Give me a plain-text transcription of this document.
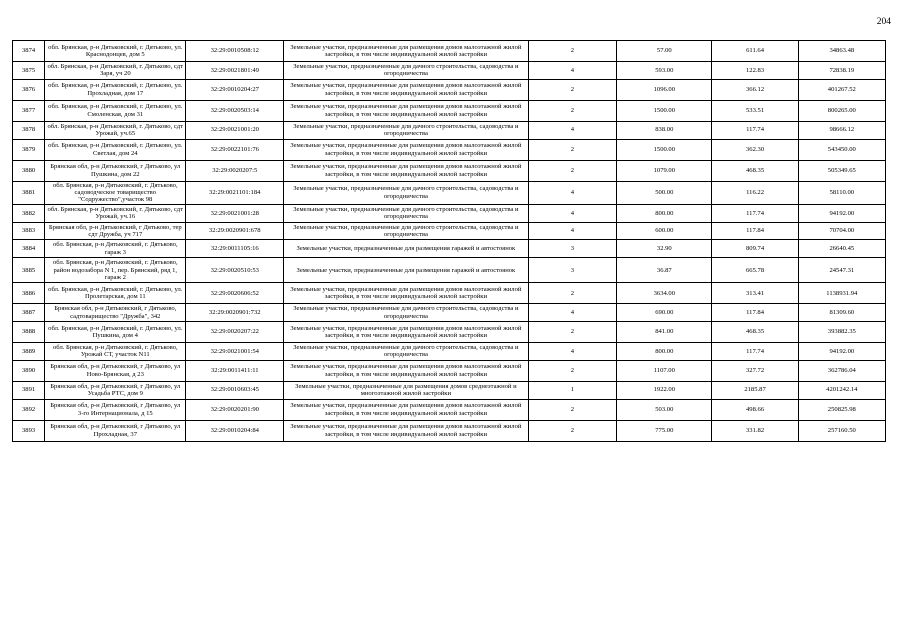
204
3874	обл. Брянская, р-н Дятьковский, г. Дятьково, ул. Краснодонцев, дом 5	32:29:0010508:12	Земельные участки, предназначенные для размещения домов малоэтажной жилой застройки, в том числе индивидуальной жилой застройки	2	57.00	611.64	34863.48
3875	обл. Брянская, р-н Дятьковский, г. Дятьково, сдт Заря, уч 20	32:29:0021801:49	Земельные участки, предназначенные для дачного строительства, садоводства и огородничества	4	593.00	122.83	72838.19
3876	обл. Брянская, р-н Дятьковский, г. Дятьково, ул. Прохладная, дом 17	32:29:0010204:27	Земельные участки, предназначенные для размещения домов малоэтажной жилой застройки, в том числе индивидуальной жилой застройки	2	1096.00	366.12	401267.52
3877	обл. Брянская, р-н Дятьковский, г. Дятьково, ул. Смоленская, дом 31	32:29:0020503:14	Земельные участки, предназначенные для размещения домов малоэтажной жилой застройки, в том числе индивидуальной жилой застройки	2	1500.00	533.51	800265.00
3878	обл. Брянская, р-н Дятьковский, г. Дятьково, сдт Урожай, уч.65	32:29:0021001:20	Земельные участки, предназначенные для дачного строительства, садоводства и огородничества	4	838.00	117.74	98666.12
3879	обл. Брянская, р-н Дятьковский, г. Дятьково, ул. Светлая, дом 24	32:29:0022101:76	Земельные участки, предназначенные для размещения домов малоэтажной жилой застройки, в том числе индивидуальной жилой застройки	2	1500.00	362.30	543450.00
3880	Брянская обл, р-н Дятьковский, г Дятьково, ул Пушкина, дом 22	32:29:0020207:5	Земельные участки, предназначенные для размещения домов малоэтажной жилой застройки, в том числе индивидуальной жилой застройки	2	1079.00	468.35	505349.65
3881	обл. Брянская, р-н Дятьковский, г. Дятьково, садоводческое товарищество "Содружество",участок 98	32:29:0021101:184	Земельные участки, предназначенные для дачного строительства, садоводства и огородничества	4	500.00	116.22	58110.00
3882	обл. Брянская, р-н Дятьковский, г. Дятьково, сдт Урожай, уч.16	32:29:0021001:28	Земельные участки, предназначенные для дачного строительства, садоводства и огородничества	4	800.00	117.74	94192.00
3883	Брянская обл, р-н Дятьковский, г Дятьково, тер сдт Дружба, уч 717	32:29:0020901:678	Земельные участки, предназначенные для дачного строительства, садоводства и огородничества	4	600.00	117.84	70704.00
3884	обл. Брянская, р-н Дятьковский, г. Дятьково, гараж 3	32:29:0011105:16	Земельные участки, предназначенные для размещения гаражей и автостоянок	3	32.90	809.74	26640.45
3885	обл. Брянская, р-н Дятьковский, г. Дятьково, район водозабора N 1, пер. Брянский, ряд 1, гараж 2	32:29:0020510:53	Земельные участки, предназначенные для размещения гаражей и автостоянок	3	36.87	665.78	24547.31
3886	обл. Брянская, р-н Дятьковский, г. Дятьково, ул. Пролетарская, дом 11	32:29:0020606:52	Земельные участки, предназначенные для размещения домов малоэтажной жилой застройки, в том числе индивидуальной жилой застройки	2	3634.00	313.41	1138931.94
3887	Брянская обл, р-н Дятьковский, г Дятьково, садтоварищество "Дружба", 342	32:29:0020901:732	Земельные участки, предназначенные для дачного строительства, садоводства и огородничества	4	690.00	117.84	81309.60
3888	обл. Брянская, р-н Дятьковский, г. Дятьково, ул. Пушкина, дом 4	32:29:0020207:22	Земельные участки, предназначенные для размещения домов малоэтажной жилой застройки, в том числе индивидуальной жилой застройки	2	841.00	468.35	393882.35
3889	обл. Брянская, р-н Дятьковский, г. Дятьково, Урожай СТ, участок N11	32:29:0021001:54	Земельные участки, предназначенные для дачного строительства, садоводства и огородничества	4	800.00	117.74	94192.00
3890	Брянская обл, р-н Дятьковский, г Дятьково, ул Ново-Брянская, д 23	32:29:0011411:11	Земельные участки, предназначенные для размещения домов малоэтажной жилой застройки, в том числе индивидуальной жилой застройки	2	1107.00	327.72	362786.04
3891	Брянская обл, р-н Дятьковский, г Дятьково, ул Усадьба РТС, дом 9	32:29:0010603:45	Земельные участки, предназначенные для размещения домов среднеэтажной и многоэтажной жилой застройки	1	1922.00	2185.87	4201242.14
3892	Брянская обл, р-н Дятьковский, г Дятьково, ул 3-го Интернационала, д 15	32:29:0020201:90	Земельные участки, предназначенные для размещения домов малоэтажной жилой застройки, в том числе индивидуальной жилой застройки	2	503.00	498.66	250825.98
3893	Брянская обл, р-н Дятьковский, г Дятьково, ул Прохладная, 37	32:29:0010204:84	Земельные участки, предназначенные для размещения домов малоэтажной жилой застройки, в том числе индивидуальной жилой застройки	2	775.00	331.82	257160.50
